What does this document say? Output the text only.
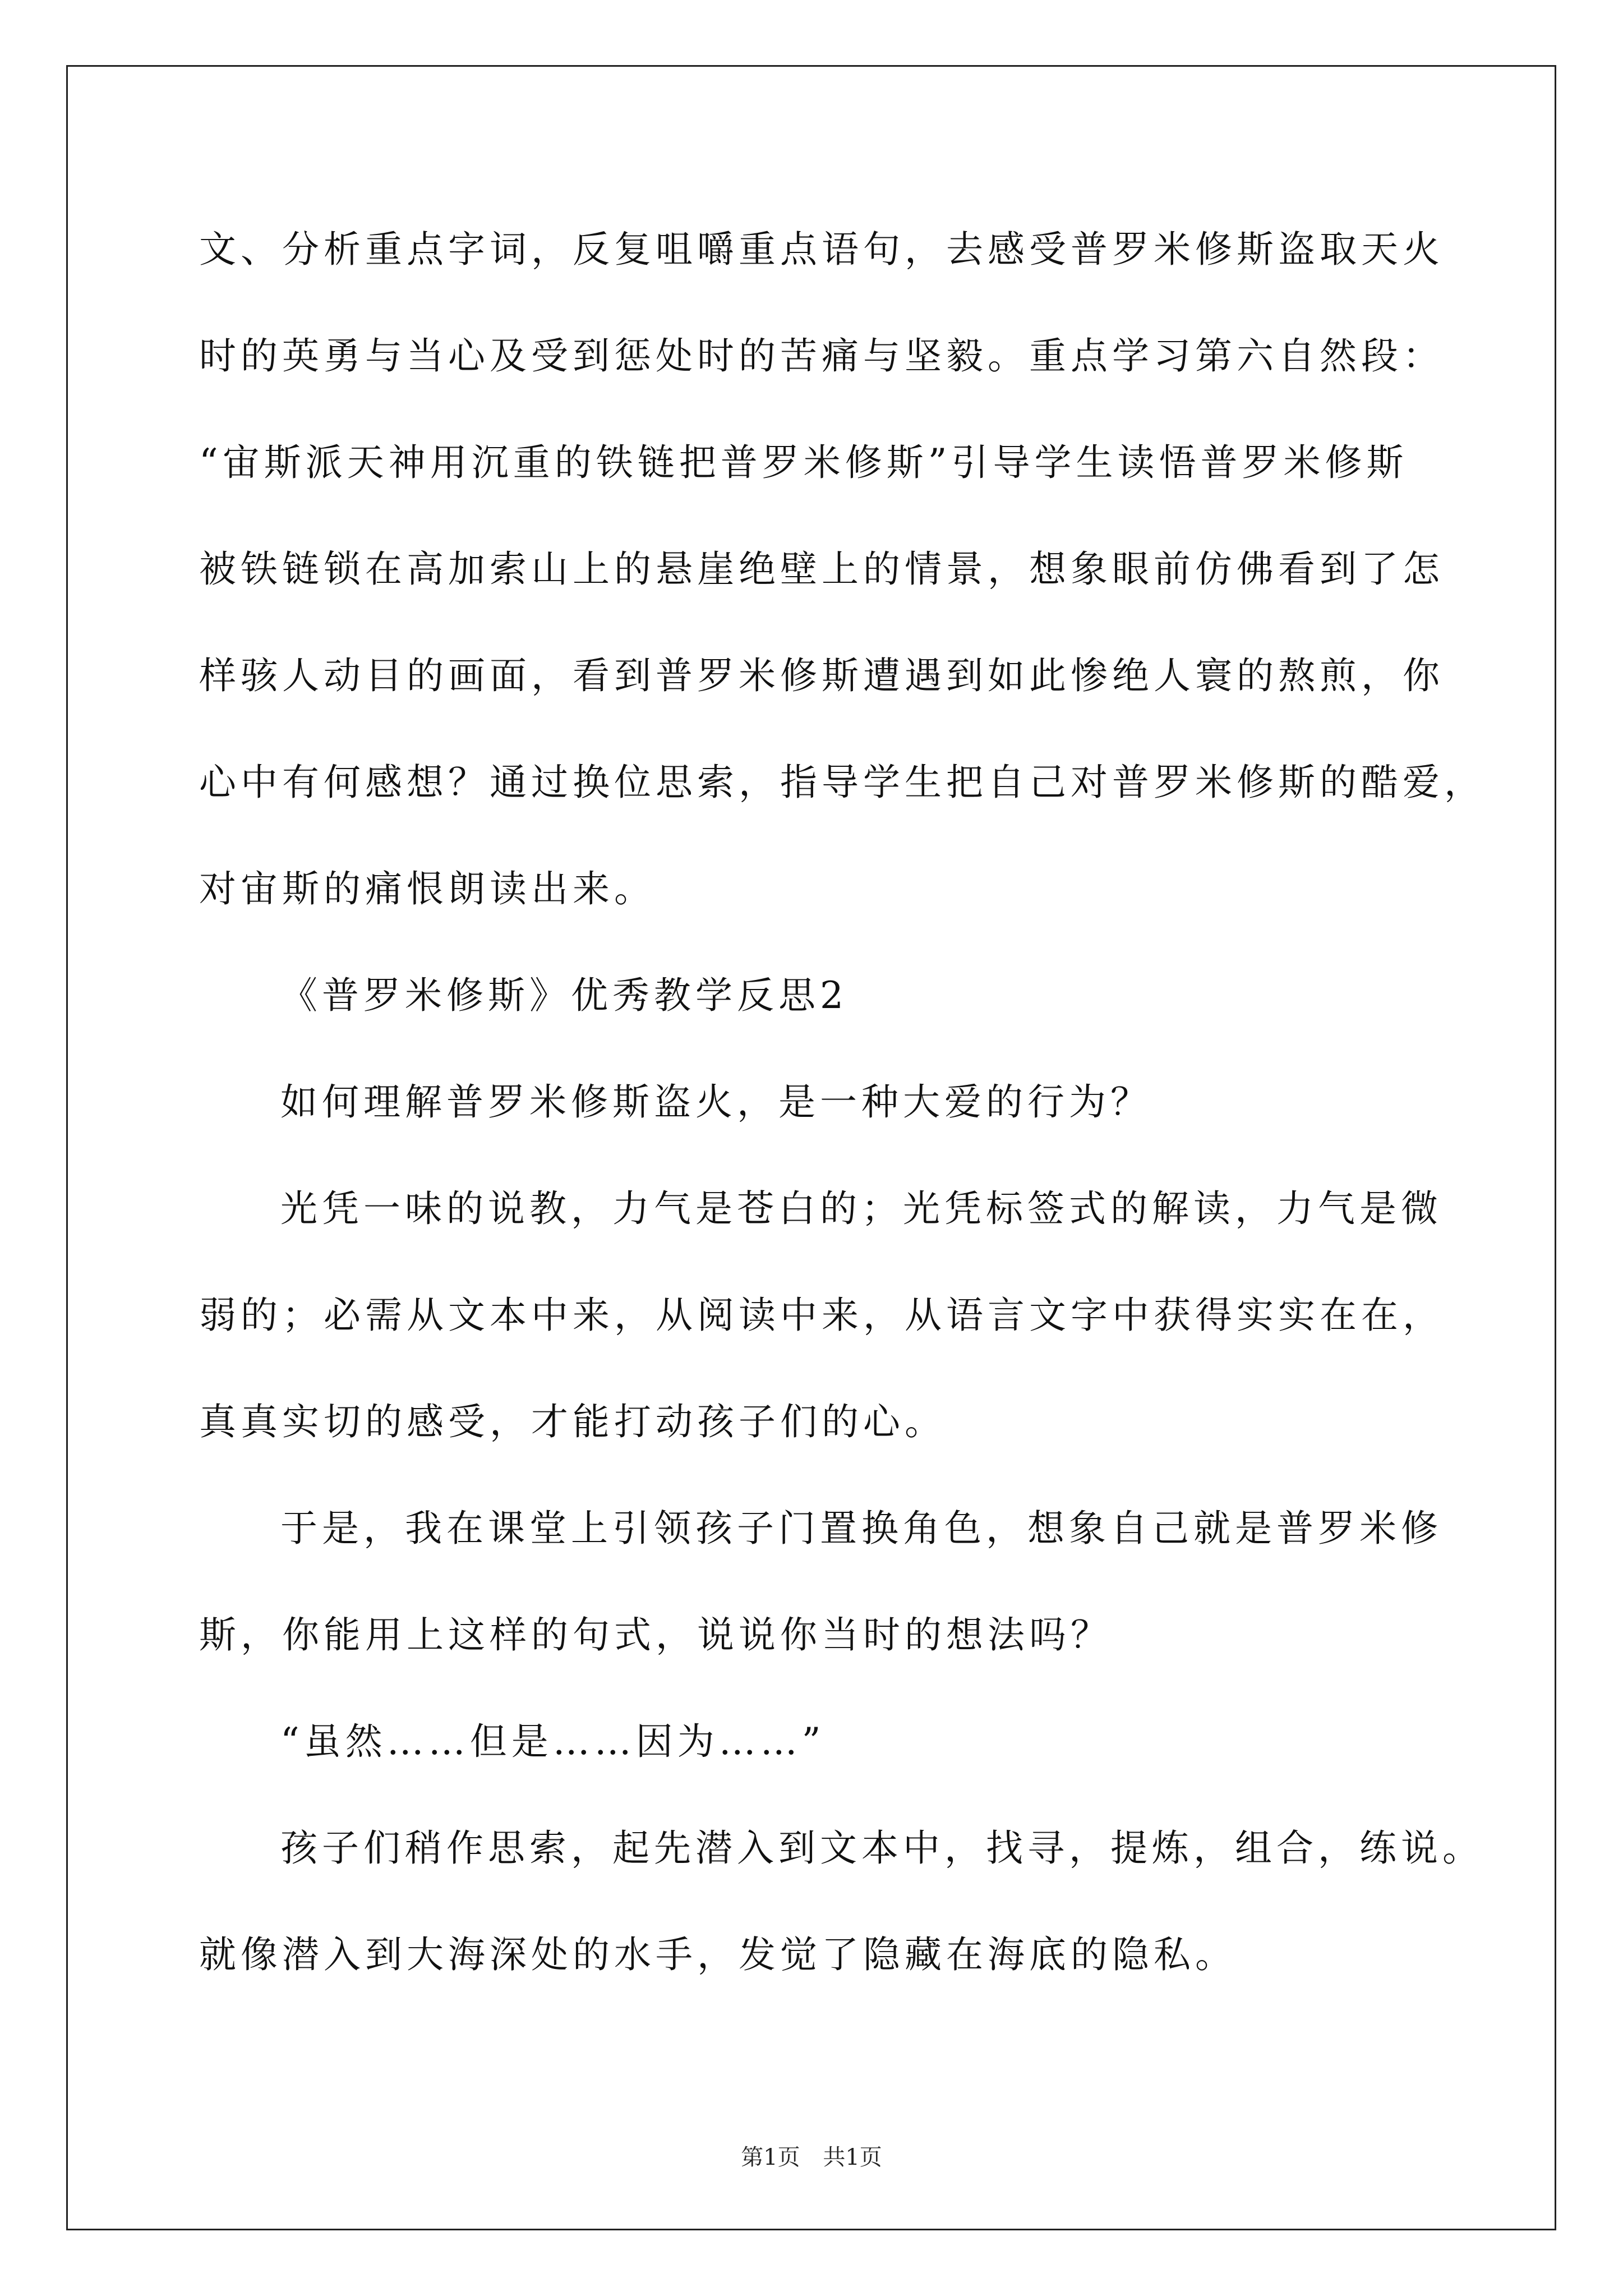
文、分析重点字词，反复咀嚼重点语句，去感受普罗米修斯盗取天火
时的英勇与当心及受到惩处时的苦痛与坚毅。重点学习第六自然段：
“宙斯派天神用沉重的铁链把普罗米修斯”引导学生读悟普罗米修斯
被铁链锁在高加索山上的悬崖绝壁上的情景，想象眼前仿佛看到了怎
样骇人动目的画面，看到普罗米修斯遭遇到如此惨绝人寰的熬煎，你
心中有何感想？通过换位思索，指导学生把自己对普罗米修斯的酷爱，
对宙斯的痛恨朗读出来。
《普罗米修斯》优秀教学反思2
如何理解普罗米修斯盗火，是一种大爱的行为？
光凭一味的说教，力气是苍白的；光凭标签式的解读，力气是微
弱的；必需从文本中来，从阅读中来，从语言文字中获得实实在在，
真真实切的感受，才能打动孩子们的心。
于是，我在课堂上引领孩子门置换角色，想象自己就是普罗米修
斯，你能用上这样的句式，说说你当时的想法吗？
“虽然……但是……因为……”
孩子们稍作思索，起先潜入到文本中，找寻，提炼，组合，练说。
就像潜入到大海深处的水手，发觉了隐藏在海底的隐私。
第1页 共1页
